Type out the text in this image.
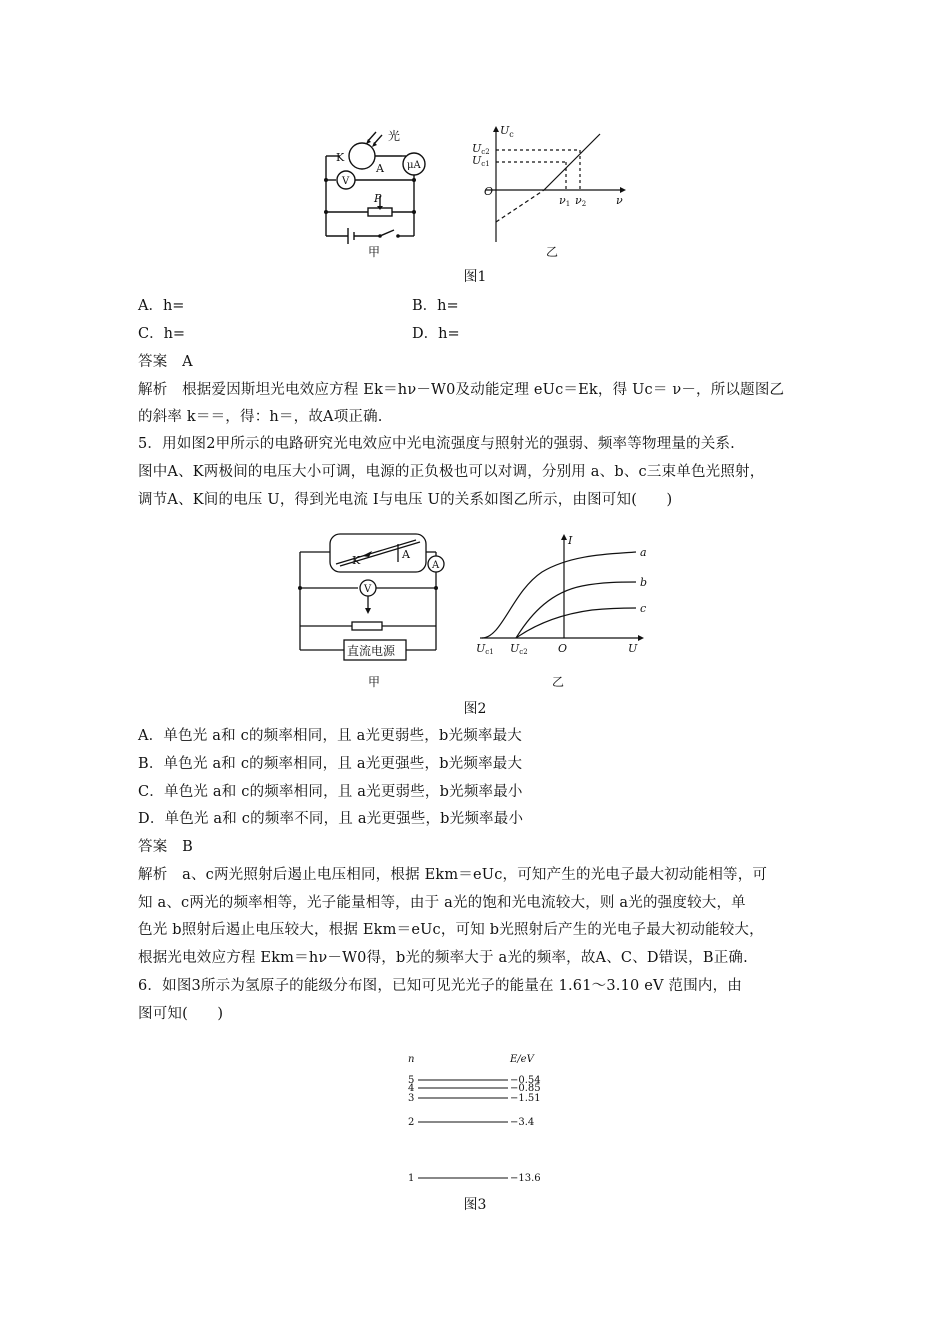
光
K
A μA
V
P
甲
$U_c$
Uc2
Uc1
O
ν1 ν2	ν
乙
图1
A．h=	B．h=
C．h=	D．h=
答案　A
解析　根据爱因斯坦光电效应方程 Ek＝hν－W0及动能定理 eUc＝Ek，得 Uc＝ ν－，所以题图乙
的斜率 k＝＝，得：h＝，故A项正确.
5．用如图2甲所示的电路研究光电效应中光电流强度与照射光的强弱、频率等物理量的关系.
图中A、K两极间的电压大小可调，电源的正负极也可以对调，分别用 a、b、c三束单色光照射，
调节A、K间的电压 U，得到光电流 I与电压 U的关系如图乙所示，由图可知(　　)
K	A
A
V
直流电源
甲
I
a
b
c
Uc1 Uc2	O	U
乙
图2
A．单色光 a和 c的频率相同，且 a光更弱些，b光频率最大
B．单色光 a和 c的频率相同，且 a光更强些，b光频率最大
C．单色光 a和 c的频率相同，且 a光更弱些，b光频率最小
D．单色光 a和 c的频率不同，且 a光更强些，b光频率最小
答案　B
解析　a、c两光照射后遏止电压相同，根据 Ekm＝eUc，可知产生的光电子最大初动能相等，可
知 a、c两光的频率相等，光子能量相等，由于 a光的饱和光电流较大，则 a光的强度较大，单
色光 b照射后遏止电压较大，根据 Ekm＝eUc，可知 b光照射后产生的光电子最大初动能较大，
根据光电效应方程 Ekm＝hν－W0得，b光的频率大于 a光的频率，故A、C、D错误，B正确.
6．如图3所示为氢原子的能级分布图，已知可见光光子的能量在 1.61～3.10 eV 范围内，由
图可知(　　)
n	E/eV
5	−0.54
4	−0.85
3	−1.51
2	−3.4
1	−13.6
图3
